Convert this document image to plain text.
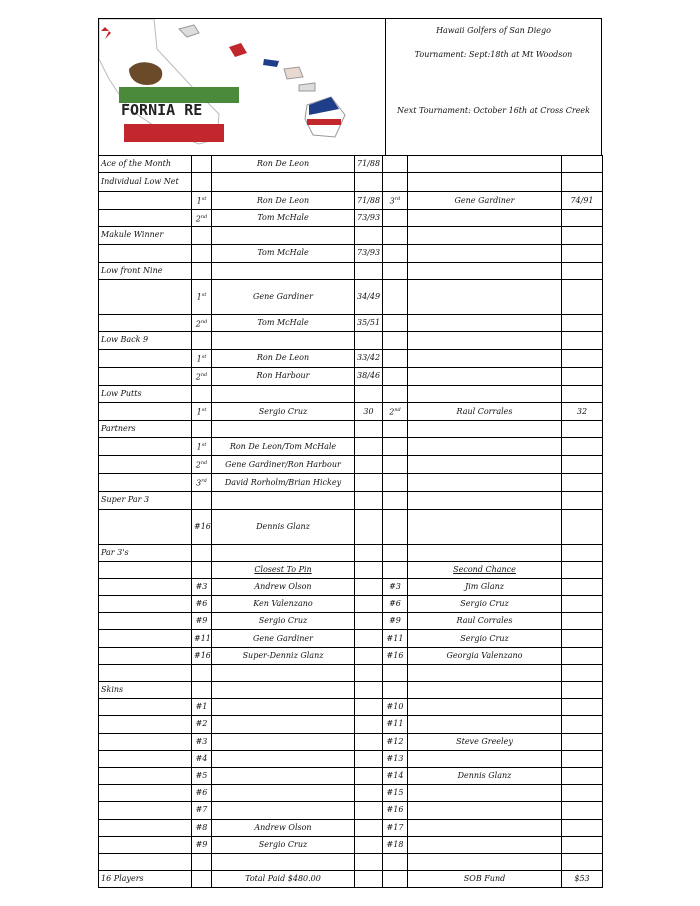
FORNIA RE
Hawaii Golfers of San Diego
Tournament: Sept:18th at Mt Woodson
Next Tournament: October 16th at Cross Creek
Ace of the Month		Ron De Leon	71/88			
Individual Low Net						
	1st	Ron De Leon	71/88	3rd	Gene Gardiner	74/91
	2nd	Tom McHale	73/93			
Makule Winner						
		Tom McHale	73/93			
Low front Nine						
	1st	Gene Gardiner	34/49			
	2nd	Tom McHale	35/51			
Low Back 9						
	1st	Ron De Leon	33/42			
	2nd	Ron Harbour	38/46			
Low Putts						
	1st	Sergio Cruz	30	2nd	Raul Corrales	32
Partners						
	1st	Ron De Leon/Tom McHale				
	2nd	Gene Gardiner/Ron Harbour				
	3rd	David Rorholm/Brian Hickey				
Super Par 3						
	#16	Dennis Glanz				
Par 3's						
		Closest To Pin			Second Chance	
	#3	Andrew Olson		#3	Jim Glanz	
	#6	Ken Valenzano		#6	Sergio Cruz	
	#9	Sergio Cruz		#9	Raul Corrales	
	#11	Gene Gardiner		#11	Sergio Cruz	
	#16	Super-Denniz Glanz		#16	Georgia Valenzano	

Skins						
	#1			#10		
	#2			#11		
	#3			#12	Steve Greeley	
	#4			#13		
	#5			#14	Dennis Glanz	
	#6			#15		
	#7			#16		
	#8	Andrew Olson		#17		
	#9	Sergio Cruz		#18		

16 Players		Total Paid $480.00			SOB Fund	$53
